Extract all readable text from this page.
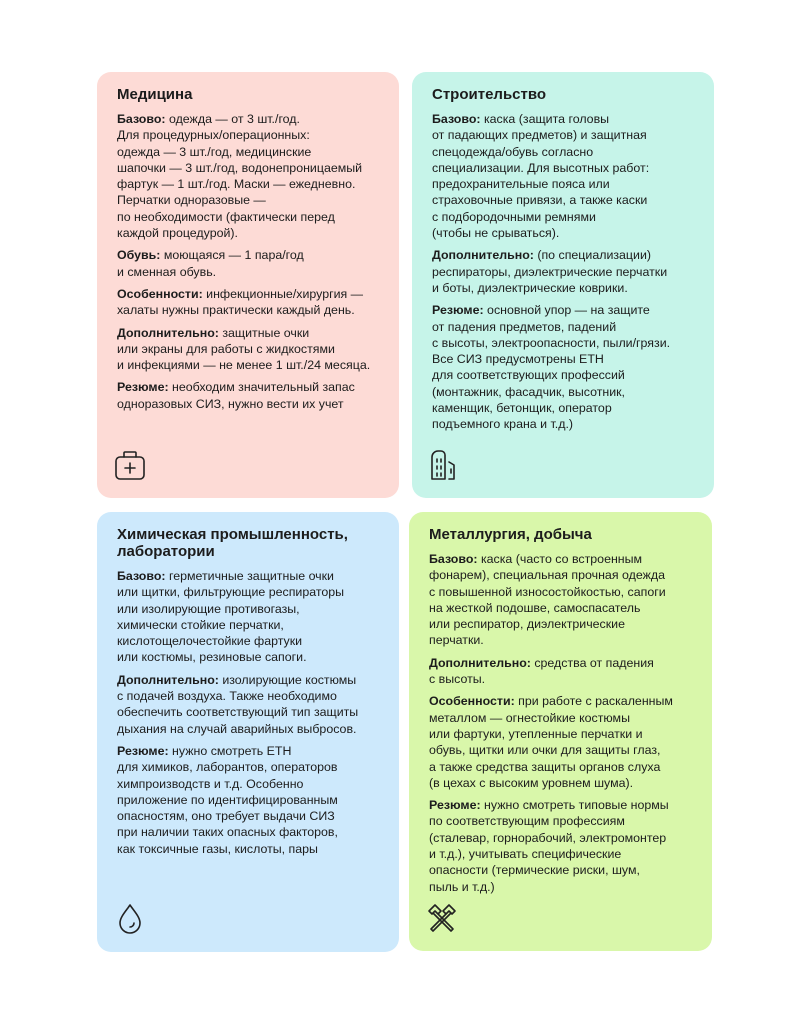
Медицина
Базово: одежда — от 3 шт./год.
Для процедурных/операционных:
одежда — 3 шт./год, медицинские
шапочки — 3 шт./год, водонепроницаемый
фартук — 1 шт./год. Маски — ежедневно.
Перчатки одноразовые —
по необходимости (фактически перед
каждой процедурой).
Обувь: моющаяся — 1 пара/год
и сменная обувь.
Особенности: инфекционные/хирургия —
халаты нужны практически каждый день.
Дополнительно: защитные очки
или экраны для работы с жидкостями
и инфекциями — не менее 1 шт./24 месяца.
Резюме: необходим значительный запас
одноразовых СИЗ, нужно вести их учет
Строительство
Базово: каска (защита головы
от падающих предметов) и защитная
спецодежда/обувь согласно
специализации. Для высотных работ:
предохранительные пояса или
страховочные привязи, а также каски
с подбородочными ремнями
(чтобы не срываться).
Дополнительно: (по специализации)
респираторы, диэлектрические перчатки
и боты, диэлектрические коврики.
Резюме: основной упор — на защите
от падения предметов, падений
с высоты, электроопасности, пыли/грязи.
Все СИЗ предусмотрены ЕТН
для соответствующих профессий
(монтажник, фасадчик, высотник,
каменщик, бетонщик, оператор
подъемного крана и т.д.)
Химическая промышленность,
лаборатории
Базово: герметичные защитные очки
или щитки, фильтрующие респираторы
или изолирующие противогазы,
химически стойкие перчатки,
кислотощелочестойкие фартуки
или костюмы, резиновые сапоги.
Дополнительно: изолирующие костюмы
с подачей воздуха. Также необходимо
обеспечить соответствующий тип защиты
дыхания на случай аварийных выбросов.
Резюме: нужно смотреть ЕТН
для химиков, лаборантов, операторов
химпроизводств и т.д. Особенно
приложение по идентифицированным
опасностям, оно требует выдачи СИЗ
при наличии таких опасных факторов,
как токсичные газы, кислоты, пары
Металлургия, добыча
Базово: каска (часто со встроенным
фонарем), специальная прочная одежда
с повышенной износостойкостью, сапоги
на жесткой подошве, самоспасатель
или респиратор, диэлектрические
перчатки.
Дополнительно: средства от падения
с высоты.
Особенности: при работе с раскаленным
металлом — огнестойкие костюмы
или фартуки, утепленные перчатки и
обувь, щитки или очки для защиты глаз,
а также средства защиты органов слуха
(в цехах с высоким уровнем шума).
Резюме: нужно смотреть типовые нормы
по соответствующим профессиям
(сталевар, горнорабочий, электромонтер
и т.д.), учитывать специфические
опасности (термические риски, шум,
пыль и т.д.)
